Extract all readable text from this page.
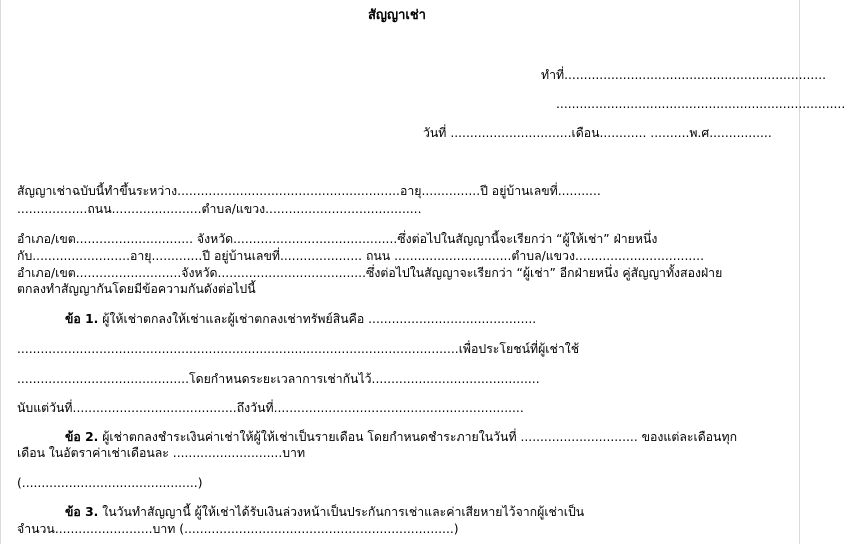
สัญญาเช่า
ทำที่...................................................................
..........................................................................
วันที่ ...............................เดือน............ ..........พ.ศ................
สัญญาเช่าฉบับนี้ทำขึ้นระหว่าง.........................................................อายุ...............ปี อยู่บ้านเลขที่...........
..................ถนน.......................ตำบล/แขวง........................................
อำเภอ/เขต.............................. จังหวัด..........................................ซึ่งต่อไปในสัญญานี้จะเรียกว่า “ผู้ให้เช่า” ฝ่ายหนึ่ง
กับ.........................อายุ.............ปี อยู่บ้านเลขที่..................... ถนน ..............................ตำบล/แขวง.................................
อำเภอ/เขต...........................จังหวัด......................................ซึ่งต่อไปในสัญญาจะเรียกว่า “ผู้เช่า” อีกฝ่ายหนึ่ง คู่สัญญาทั้งสองฝ่าย
ตกลงทำสัญญากันโดยมีข้อความกันดังต่อไปนี้
ข้อ 1. ผู้ให้เช่าตกลงให้เช่าและผู้เช่าตกลงเช่าทรัพย์สินคือ ...........................................
.................................................................................................................เพื่อประโยชน์ที่ผู้เช่าใช้
............................................โดยกำหนดระยะเวลาการเช่ากันไว้...........................................
นับแต่วันที่..........................................ถึงวันที่................................................................
ข้อ 2. ผู้เช่าตกลงชำระเงินค่าเช่าให้ผู้ให้เช่าเป็นรายเดือน โดยกำหนดชำระภายในวันที่ .............................. ของแต่ละเดือนทุก
เดือน ในอัตราค่าเช่าเดือนละ ............................บาท
(.............................................)
ข้อ 3. ในวันทำสัญญานี้ ผู้ให้เช่าได้รับเงินล่วงหน้าเป็นประกันการเช่าและค่าเสียหายไว้จากผู้เช่าเป็น
จำนวน.........................บาท (.....................................................................)
